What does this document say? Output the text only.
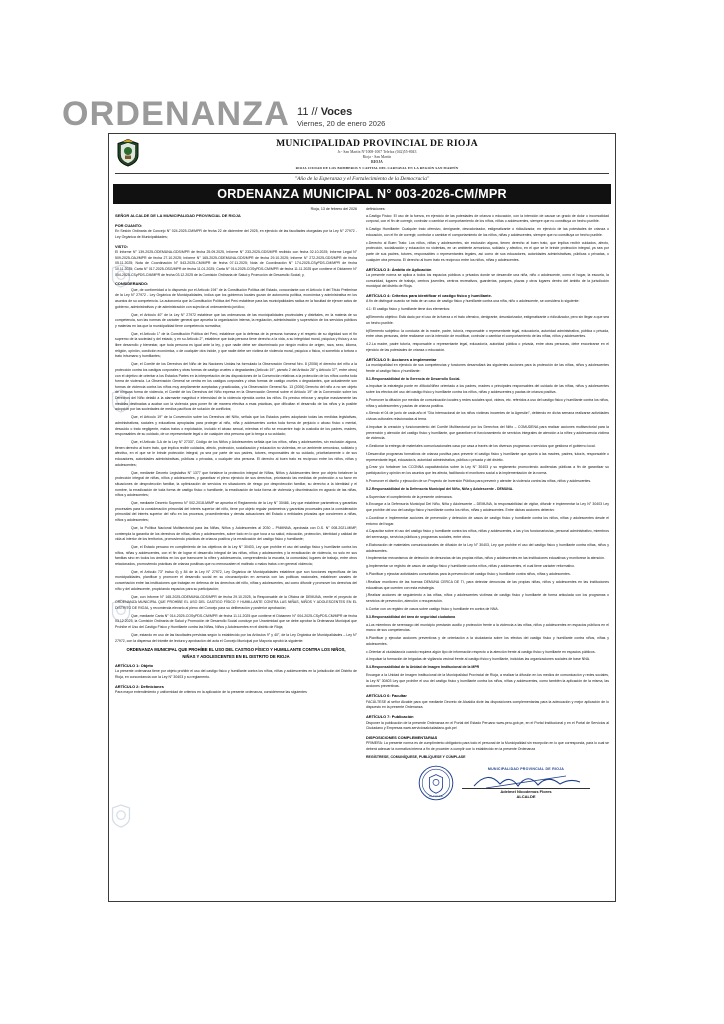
ORDENANZA 11 // Voces
Viernes, 20 de enero 2026
MUNICIPALIDAD PROVINCIAL DE RIOJA
Jr.- San Martín N°1008-1007 Telefax (042)55-8043
Rioja - San Martín
RIOJA
RIOJA CIUDAD DE LOS BOMBEROS Y CAPITAL DEL CARNAVAL EN LA REGIÓN SAN MARTÍN
"Año de la Esperanza y el Fortalecimiento de la Democracia"
ORDENANZA MUNICIPAL N° 003-2026-CM/MPR
Rioja, 13 de febrero del 2026
SEÑOR ALCALDE DE LA MUNICIPALIDAD PROVINCIAL DE RIOJA
POR CUANTO:
En Sesión Ordinaria de Concejo N° 024-2025-CM/MPR de fecha 22 de diciembre del 2025, en ejercicio de las facultades otorgadas por la Ley N° 27972 - Ley Orgánica de Municipalidades;
VISTO:
El Informe N° 139-2025-ODEMUNA-GDS/MPR de fecha 25.09.2025, Informe N° 233-2025-GDS/MPR recibido con fecha 02.10.2025; Informe Legal N° 509-2025-OAJ/MPR de fecha 27.10.2025; Informe N° 165-2025-ODEMUNA-GDS/MPR de fecha 29.10.2025; Informe N° 272-2025-GDS/MPR de fecha 05.11.2025; Nota de Coordinación N° 543-2025-CM/MPR de fecha 07.11.2025; Nota de Coordinación N° 174-2025-CSyPDS-CM/MPR de fecha 10.11.2025; Carta N° 017-2025-OSG/MPR de fecha 11.01.2025; Carta N° 014-2025-COSyPDS-CM/MPR de fecha 11.11.2025 que contiene el Dictamen N° 004-2025-CSyPDS-CM/MPR de fecha 03.12.2025 de la Comisión Ordinaria de Salud y Promoción de Desarrollo Social; y,
CONSIDERANDO:
Que, de conformidad a lo dispuesto por el Artículo 194° de la Constitución Política del Estado, concordante con el Artículo II del Título Preliminar de la Ley N° 27972 - Ley Orgánica de Municipalidades, indica que los gobiernos locales gozan de autonomía política, económica y administrativa en los asuntos de su competencia. La autonomía que la Constitución Política del Perú establece para las municipalidades radica en la facultad de ejercer actos de gobierno, administrativos y de administración con sujeción al ordenamiento jurídico;
Que, el Artículo 40° de la Ley N° 27972 establece que las ordenanzas de las municipalidades provinciales y distritales, en la materia de su competencia, son las normas de carácter general que aprueba la organización interna, la regulación, administración y supervisión de los servicios públicos y materias en las que la municipalidad tiene competencia normativa;
Que, el Artículo 1° de la Constitución Política del Perú, establece que la defensa de la persona humana y el respeto de su dignidad son el fin supremo de la sociedad y del estado, y en su Artículo 2°, establece que toda persona tiene derecho a la vida, a su integridad moral, psíquica y física y a su libre desarrollo y bienestar, que toda persona es igual ante la ley, y que nadie debe ser discriminado por ningún motivo de origen, raza, sexo, idioma, religión, opinión, condición económica, o de cualquier otra índole, y que nadie debe ser víctima de violencia moral, psíquica o física, ni sometido a tortura o trato inhumano y humillantes;
Que, el Comité de los Derechos del Niño de las Naciones Unidas ha formulado la Observación General Nro. 8 (2006) el derecho del niño a la protección contra los castigos corporales y otras formas de castigo crueles o degradantes (Artículo 19°, párrafo 2 del Artículo 28° y Artículo 37°, entre otros) con el objetivo de orientar a los Estados Partes en la interpretación de las disposiciones de la Convención relativas a la protección de los niños contra toda forma de violencia. La Observación General se centra en los castigos corporales y otras formas de castigo crueles o degradantes, que actualmente son formas de violencia contra los niños muy ampliamente aceptadas y practicadas, y la Observación General No. 13 (2006) Derecho del niño a no ser objeto de ninguna forma de violencia, el Comité de los Derechos del Niño expresa en la Observación General sobre el Artículo 19° de la Convención sobre los Derechos del Niño detalló a la alarmante magnitud e intensidad de la violencia ejercida contra los niños. Es preciso reforzar y ampliar masivamente las medidas destinadas a acabar con la violencia para poner fin de manera efectiva a esas prácticas, que dificultan el desarrollo de los niños y la posible adopción por las sociedades de medios pacíficos de solución de conflictos;
Que, el Artículo 19° de la Convención sobre los Derechos del Niño, señala que los Estados partes adoptarán todas las medidas legislativas, administrativas, sociales y educativas apropiadas para proteger al niño, niña y adolescentes contra toda forma de perjuicio o abuso físico o mental, descuido o trato negligente, malos tratos o explotación, incluido el abuso sexual, mientras el niño se encuentre bajo la custodia de los padres, madres, responsables de su cuidado, de un representante legal o de cualquier otra persona que lo tenga a su cuidado;
Que, el Artículo 3-A de la Ley N° 27337, Código de los Niños y Adolescentes señala que los niños, niñas y adolescentes, sin exclusión alguna, tienen derecho al buen trato, que implica recibir cuidados, afecto, protección, socialización y educación no violentas, en un ambiente armonioso, solidario y afectivo, en el que se le brinde protección integral, ya sea por parte de sus padres, tutores, responsables de su cuidado, prioritariamente o de sus educadores, autoridades administrativas, públicas o privadas, o cualquier otra persona. El derecho al buen trato es recíproco entre los niños, niñas y adolescentes;
Que, mediante Decreto Legislativo N° 1377 que fortalece la protección integral de Niñas, Niños y Adolescentes tiene por objeto fortalecer la protección integral de niñas, niños y adolescentes, y garantizar el pleno ejercicio de sus derechos, priorizando las medidas de protección a su favor en situaciones de desprotección familiar, la optimización de servicios en situaciones de riesgo por desprotección familiar, su derecho a la identidad y el nombre, la erradicación de toda forma de castigo físico o humillante, la erradicación de toda forma de violencia y discriminación en agravio de las niñas, niños y adolescentes;
Que, mediante Decreto Supremo N° 002-2018-MIMP se aprueba el Reglamento de la Ley N° 30466, Ley que establece parámetros y garantías procesales para la consideración primordial del interés superior del niño, tiene por objeto regular parámetros y garantías procesales para la consideración primordial del interés superior del niño en los procesos, procedimientos y demás actuaciones del Estado o entidades privadas que conciernen a niñas, niños y adolescentes;
Que, la Política Nacional Multisectorial para las Niñas, Niños y Adolescentes al 2030 – PNMNNA, aprobada con D.S. N° 008-2021-MIMP, contempla la garantía de los derechos de niñas, niños y adolescentes, sobre todo en lo que toca a su salud, educación, protección, identidad y calidad de vida al interior de los territorios, promoviendo prácticas de crianza positiva y la erradicación del castigo físico y humillante;
Que, el Estado peruano en cumplimiento de los objetivos de la Ley N° 30403, Ley que prohíbe el uso del castigo físico y humillante contra los niños, niñas y adolescentes, con el fin de lograr el desarrollo integral de las niñas, niños y adolescentes y la erradicación de violencia, no solo en sus familias sino en todos los ámbitos en los que transcurre la niñez y adolescencia, comprendiendo la escuela, la comunidad, lugares de trabajo, entre otros relacionados, promoviendo prácticas de crianza positivas que no menoscaben el maltrato o malos tratos o en general violencia;
Que, el Artículo 73° inciso 6) y 84 de la Ley N° 27972, Ley Orgánica de Municipalidades establece que son funciones específicas de las municipalidades, planificar y promover el desarrollo social en su circunscripción en armonía con las políticas nacionales, establecer canales de concertación entre las instituciones que trabajan en defensa de los derechos del niño, niñas y adolescentes, así como difundir y promover los derechos del niño y del adolescente, propiciando espacios para su participación;
Que, con Informe N° 165-2025-ODEMUNA-GDS/MPR de fecha 29.10.2025, la Responsable de la Oficina de DEMUNA, remite el proyecto de ORDENANZA MUNICIPAL QUE PROHÍBE EL USO DEL CASTIGO FÍSICO Y HUMILLANTE CONTRA LAS NIÑAS, NIÑOS Y ADOLESCENTES EN EL DISTRITO DE RIOJA, y recomienda elevarlo al pleno del Concejo para su deliberación y posterior aprobación;
Que, mediante Carta N° 014-2025-COSyPDS-CM/MPR de fecha 11.11.2025 que contiene el Dictamen N° 004-2025-CSyPDS-CM/MPR de fecha 03.12.2025, la Comisión Ordinaria de Salud y Promoción de Desarrollo Social concluye por Unanimidad que se debe aprobar la Ordenanza Municipal que Prohíbe el Uso del Castigo Físico y Humillante contra las Niñas, Niños y Adolescentes en el distrito de Rioja;
Que, estando en uso de las facultades previstas según lo establecido por los Artículos 9° y 40°, de la Ley Orgánica de Municipalidades – Ley N° 27972, con la dispensa del trámite de lectura y aprobación del acta el Concejo Municipal por Mayoría aprobó la siguiente:
ORDENANZA MUNICIPAL QUE PROHÍBE EL USO DEL CASTIGO FÍSICO Y HUMILLANTE CONTRA LOS NIÑOS, NIÑAS Y ADOLESCENTES EN EL DISTRITO DE RIOJA
ARTÍCULO 1: Objeto
La presente ordenanza tiene por objeto prohibir el uso del castigo físico y humillante contra los niños, niñas y adolescentes en la jurisdicción del Distrito de Rioja, en concordancia con la Ley N° 30403 y su reglamento.
ARTÍCULO 2: Definiciones
Para mayor entendimiento y uniformidad de criterios en la aplicación de la presente ordenanza, considérense las siguientes
definiciones:
a.Castigo Físico: El uso de la fuerza, en ejercicio de las potestades de crianza o educación, con la intención de causar un grado de dolor o incomodidad corporal, con el fin de corregir, controlar o cambiar el comportamiento de los niños, niñas o adolescentes, siempre que no constituya un hecho punible.
b.Castigo Humillante: Cualquier trato ofensivo, denigrante, desvalorizador, estigmatizante o ridiculizador, en ejercicio de las potestades de crianza o educación, con el fin de corregir, controlar o cambiar el comportamiento de los niños, niñas y adolescentes, siempre que no constituya un hecho punible.
c.Derecho al Buen Trato: Los niños, niñas y adolescentes, sin exclusión alguna, tienen derecho al buen trato, que implica recibir cuidados, afecto, protección, socialización y educación no violentas, en un ambiente armonioso, solidario y afectivo, en el que se le brinde protección integral, ya sea por parte de sus padres, tutores, responsables o representantes legales, así como de sus educadores, autoridades administrativas, públicas o privadas, o cualquier otra persona. El derecho al buen trato es recíproco entre los niños, niñas y adolescentes.
ARTÍCULO 3: Ámbito de Aplicación
La presente norma se aplica a todos los espacios públicos o privados donde se desarrolle una niña, niño o adolescente, como el hogar, la escuela, la comunidad, lugares de trabajo, centros juveniles, centros recreativos, guarderías, parques, plazas y otros lugares dentro del ámbito de la jurisdicción municipal del distrito de Rioja.
ARTÍCULO 4: Criterios para identificar el castigo físico y humillante.
A fin de distinguir cuando se trata de un caso de castigo físico y humillante contra una niña, niño o adolescente, se considera lo siguiente:
4.1: El castigo físico y humillante tiene dos elementos:
a)Elemento objetivo: Está dado por el uso de la fuerza o el trato ofensivo, denigrante, desvalorizador, estigmatizante o ridiculizador, pero sin llegar a que sea un hecho punible.
b)Elemento subjetivo: la conducta de la madre, padre, tutor/a, responsable o representante legal, educador/a, autoridad administrativa, pública o privada, entre otras personas, debe realizarse con la intención de modificar, controlar o cambiar el comportamiento de las niñas, niños y adolescentes.
4.2.La madre, padre tutor/a, responsable o representante legal, educador/a, autoridad pública o privada, entre otras personas, debe encontrarse en el ejercicio de las potestades de crianza o educación.
ARTÍCULO 5: Acciones a implementar
La municipalidad en ejercicio de sus competencias y funciones desarrollará las siguientes acciones para la protección de las niñas, niños y adolescentes frente al castigo físico y humillante:
5.1.Responsabilidad de la Gerencia de Desarrollo Social.
a.Impulsar la estrategia ponte en #ModoNiñez orientado a los padres, madres o principales responsables del cuidado de las niñas, niños y adolescentes sobre los efectos del uso del castigo físico y humillante contra los niños, niñas y adolescentes y pautas de crianza positiva.
b.Promover la difusión por medios de comunicación locales y redes sociales spot, videos, etc. referidos a uso del castigo físico y humillante contra los niños, niñas y adolescentes y pautas de crianza positiva.
c.Siendo el 04 de junio de cada año el "Día Internacional de los niños víctimas inocentes de la Agresión", debiendo en dicha semana realizarse actividades cívicas culturales relacionadas al tema.
d.Impulsar la creación y funcionamiento del Comité Multisectorial por los Derechos del Niño – COMUDENA para realizar acciones multisectorial para la prevención y atención del castigo físico y humillante, que garanticen el funcionamiento de servicios integrales de atención a la niñez y adolescencia víctima de violencia.
e.Gestionar la entrega de materiales comunicacionales casa por casa a través de los diversos programas o servicios que gestiona el gobierno local.
f.Desarrollar programas formativos de crianza positiva para prevenir el castigo físico y humillante que aporta a las madres, padres, tutor/a, responsable o representante legal, educador/a, autoridad administrativa, pública o privada y del distrito.
g.Crear y/o fortalecer los CCONNA capacitándolos sobre la Ley N° 30403 y su reglamento promoviendo audiencias públicas a fin de garantizar su participación y opinión en los asuntos que les afecta, facilitando el monitoreo social a la implementación de la norma.
h.Promover el diseño y ejecución de un Proyecto de Inversión Pública para prevenir y atender la violencia contra las niñas, niños y adolescentes.
5.2.Responsabilidad de la Defensoría Municipal del Niño, Niña y Adolescente - DEMUNA.
a.Supervisar el cumplimiento de la presente ordenanza.
b.Encargar a la Defensoría Municipal Del Niño, Niña y Adolescente – DEMUNA, la responsabilidad de vigilar, difundir e implementar la Ley N° 30403 Ley que prohíbe del uso del castigo físico y humillante contra los niños, niñas y adolescentes. Entre dichas acciones deberán:
c.Coordinar e implementar acciones de prevención y detección de casos de castigo físico y humillante contra los niños, niñas y adolescentes desde el entorno del hogar.
d.Capacitar sobre el uso del castigo físico y humillante contra los niños, niñas y adolescentes, a las y los funcionarios/as, personal administrativo, miembros del serenazgo, servicios públicos y programas sociales, entre otros.
e.Elaboración de materiales comunicacionales de difusión de la Ley N° 30403, Ley que prohíbe el uso del castigo físico y humillante contra niñas, niños y adolescentes.
f.Implementar mecanismos de detección de denuncias de las propias niñas, niños y adolescentes en las instituciones educativas y monitorear la atención.
g.Implementar un registro de casos de castigo físico y humillante contra niños, niñas y adolescentes, el cual tiene carácter reformativo.
h.Planificar y ejecutar actividades comunitarias para la prevención del castigo físico y humillante contra niños, niñas y adolescentes.
i.Realizar monitoreo de las buenas DEMUNA CERCA DE TI, para detectar denuncias de las propias niñas, niños y adolescentes en las instituciones educativas que cuenten con esta estrategia.
j.Realizar acciones de seguimiento a las niñas, niños y adolescentes víctimas de castigo físico y humillante de forma articulada con los programas o servicios de prevención, atención o recuperación.
k.Contar con un registro de casos sobre castigo físico y humillante en contra de NNA.
5.3.Responsabilidad del área de seguridad ciudadana
a.Los miembros de serenazgo del municipio prestarán auxilio y protección frente a la violencia a las niñas, niños y adolescentes en espacios públicos en el marco de sus competencias.
b.Planificar y ejecutar acciones preventivas y de orientación a la ciudadanía sobre los efectos del castigo físico y humillante contra niños, niñas y adolescentes.
c.Orientar al ciudadano/a cuando requiera algún tipo de información respecto a la atención frente al castigo físico y humillante en espacios públicos.
d.Impulsar la formación de brigadas de vigilancia vecinal frente al castigo físico y humillante, incluidas las organizaciones sociales de base NNA.
5.4.Responsabilidad de la Unidad de Imagen Institucional de la MPR
Encargar a la Unidad de Imagen Institucional de la Municipalidad Provincial de Rioja, a realizar la difusión en los medios de comunicación y redes sociales, la Ley N° 30403 Ley que prohíbe el uso del castigo físico y humillante contra los niños, niñas y adolescentes, como también la aplicación de la misma, las acciones preventivas.
ARTÍCULO 6: Facultar
FACÚLTESE al señor Alcalde para que mediante Decreto de Alcaldía dicte las disposiciones complementarias para la adecuación y mejor aplicación de lo dispuesto en la presente Ordenanza.
ARTÍCULO 7: Publicación
Disponer la publicación de la presente Ordenanza en el Portal del Estado Peruano www.peru.gob.pe, en el Portal Institucional y en el Portal de Servicios al Ciudadano y Empresas www.serviciosalciudadano.gob.pe/
DISPOSICIONES COMPLEMENTARIAS
PRIMERA: La presente norma es de cumplimiento obligatorio para todo el personal de la Municipalidad sin excepción en lo que corresponda, para lo cual se deberá adecuar la normativa interna a fin de proceder a cumplir con lo establecido en la presente Ordenanza
REGÍSTRESE, COMUNÍQUESE, PUBLÍQUESE Y CÚMPLASE
ALCALDE
MUNICIPALIDAD PROVINCIAL DE RIOJA
Adelmel Nicodemos Flores
ALCALDE
